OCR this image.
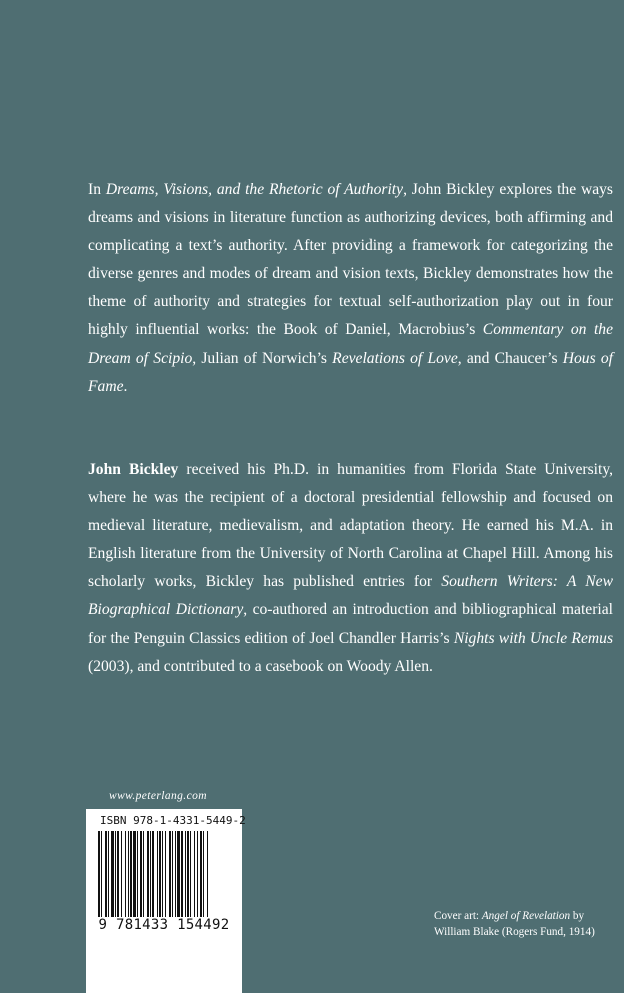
In Dreams, Visions, and the Rhetoric of Authority, John Bickley explores the ways dreams and visions in literature function as authorizing devices, both affirming and complicating a text’s authority. After providing a framework for categorizing the diverse genres and modes of dream and vision texts, Bickley demonstrates how the theme of authority and strategies for textual self-authorization play out in four highly influential works: the Book of Daniel, Macrobius’s Commentary on the Dream of Scipio, Julian of Norwich’s Revelations of Love, and Chaucer’s Hous of Fame.

John Bickley received his Ph.D. in humanities from Florida State University, where he was the recipient of a doctoral presidential fellowship and focused on medieval literature, medievalism, and adaptation theory. He earned his M.A. in English literature from the University of North Carolina at Chapel Hill. Among his scholarly works, Bickley has published entries for Southern Writers: A New Biographical Dictionary, co-authored an introduction and bibliographical material for the Penguin Classics edition of Joel Chandler Harris’s Nights with Uncle Remus (2003), and contributed to a casebook on Woody Allen.

www.peterlang.com
ISBN 978-1-4331-5449-2
9 781433 154492
Cover art: Angel of Revelation by William Blake (Rogers Fund, 1914)
